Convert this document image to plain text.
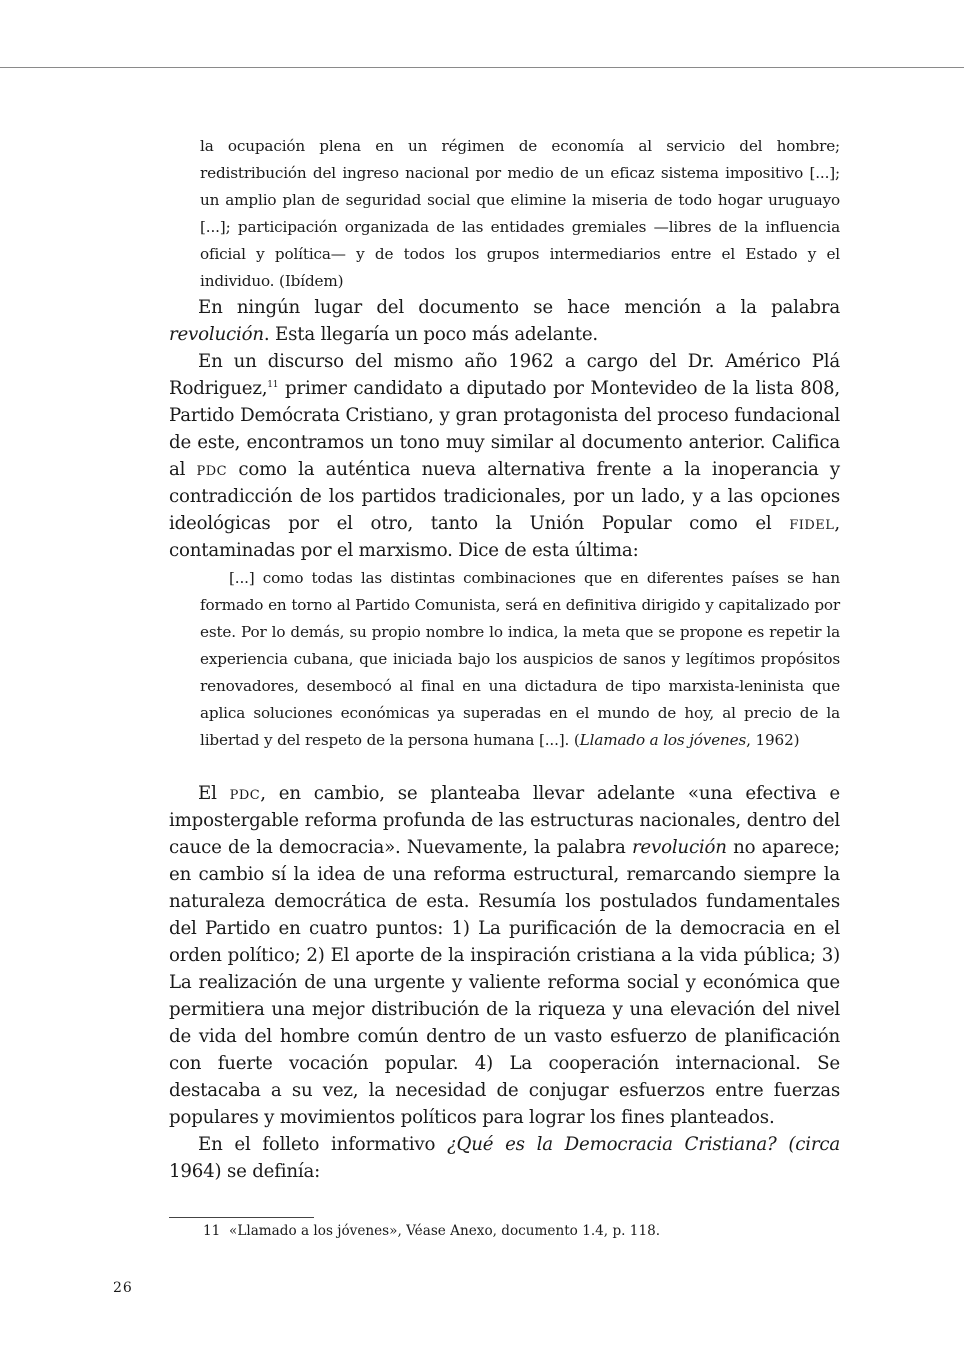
la ocupación plena en un régimen de economía al servicio del hombre; redistribución del ingreso nacional por medio de un eficaz sistema impositivo [...]; un amplio plan de seguridad social que elimine la miseria de todo hogar uruguayo [...]; participación organizada de las entidades gremiales —libres de la influencia oficial y política— y de todos los grupos intermediarios entre el Estado y el individuo. (Ibídem)

En ningún lugar del documento se hace mención a la palabra revolución. Esta llegaría un poco más adelante.

En un discurso del mismo año 1962 a cargo del Dr. Américo Plá Rodriguez,$^{11}$ primer candidato a diputado por Montevideo de la lista 808, Partido Demócrata Cristiano, y gran protagonista del proceso fundacional de este, encontramos un tono muy similar al documento anterior. Califica al pdc como la auténtica nueva alternativa frente a la inoperancia y contradicción de los partidos tradicionales, por un lado, y a las opciones ideológicas por el otro, tanto la Unión Popular como el fidel, contaminadas por el marxismo. Dice de esta última:

[...] como todas las distintas combinaciones que en diferentes países se han formado en torno al Partido Comunista, será en definitiva dirigido y capitalizado por este. Por lo demás, su propio nombre lo indica, la meta que se propone es repetir la experiencia cubana, que iniciada bajo los auspicios de sanos y legítimos propósitos renovadores, desembocó al final en una dictadura de tipo marxista-leninista que aplica soluciones económicas ya superadas en el mundo de hoy, al precio de la libertad y del respeto de la persona humana [...]. (Llamado a los jóvenes, 1962)

El pdc, en cambio, se planteaba llevar adelante «una efectiva e impostergable reforma profunda de las estructuras nacionales, dentro del cauce de la democracia». Nuevamente, la palabra revolución no aparece; en cambio sí la idea de una reforma estructural, remarcando siempre la naturaleza democrática de esta. Resumía los postulados fundamentales del Partido en cuatro puntos: 1) La purificación de la democracia en el orden político; 2) El aporte de la inspiración cristiana a la vida pública; 3) La realización de una urgente y valiente reforma social y económica que permitiera una mejor distribución de la riqueza y una elevación del nivel de vida del hombre común dentro de un vasto esfuerzo de planificación con fuerte vocación popular. 4) La cooperación internacional. Se destacaba a su vez, la necesidad de conjugar esfuerzos entre fuerzas populares y movimientos políticos para lograr los fines planteados.

En el folleto informativo ¿Qué es la Democracia Cristiana? (circa 1964) se definía:

11 «Llamado a los jóvenes», Véase Anexo, documento 1.4, p. 118.
26
